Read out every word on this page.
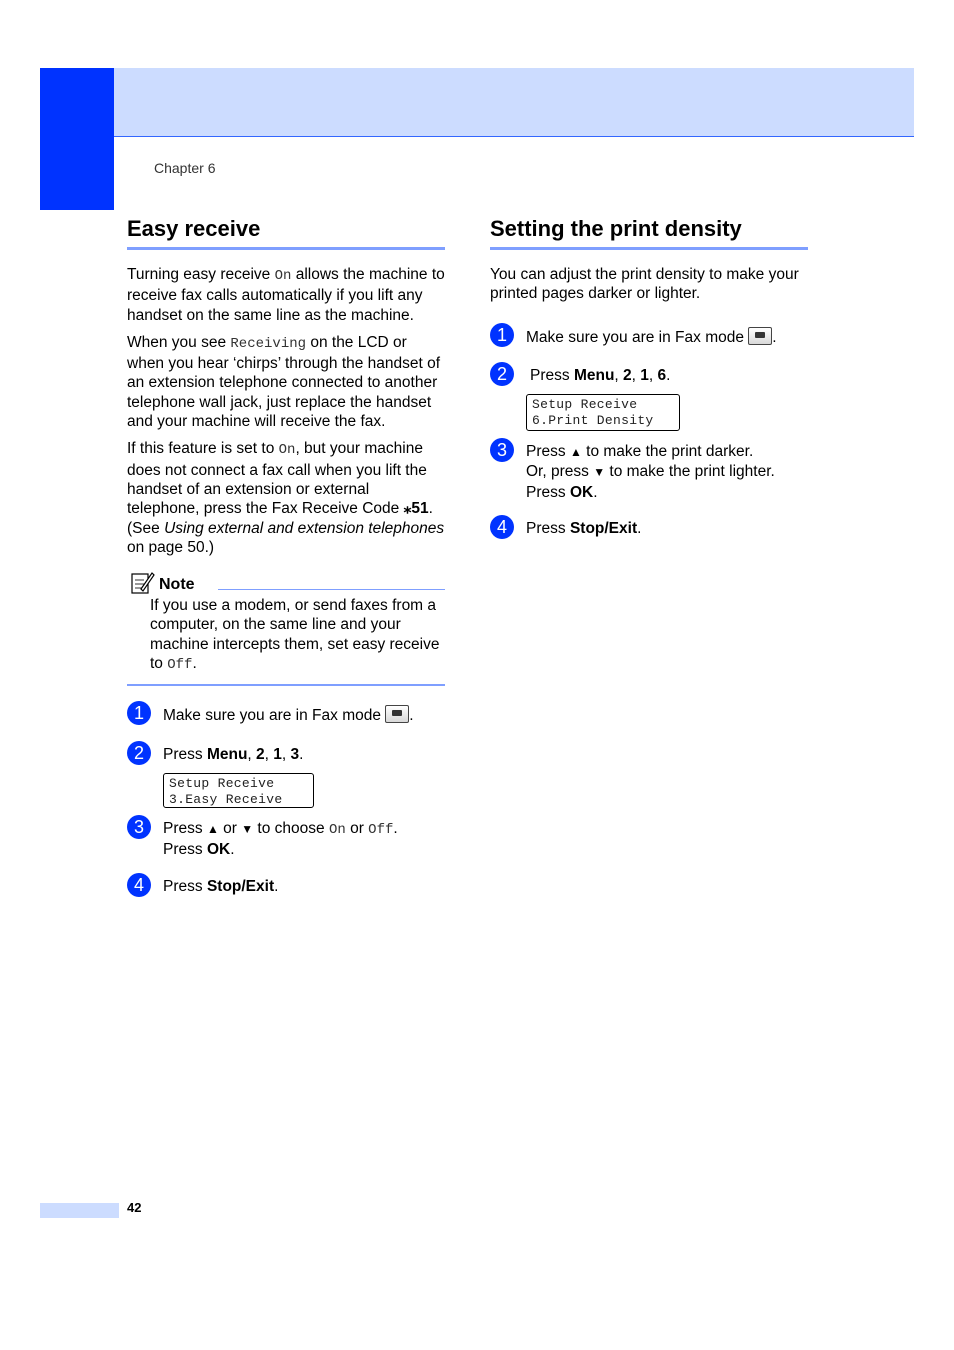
Chapter 6
Easy receive

Turning easy receive On allows the machine to receive fax calls automatically if you lift any handset on the same line as the machine.

When you see Receiving on the LCD or when you hear ‘chirps’ through the handset of an extension telephone connected to another telephone wall jack, just replace the handset and your machine will receive the fax.

If this feature is set to On, but your machine does not connect a fax call when you lift the handset of an extension or external telephone, press the Fax Receive Code ⁎51. (See Using external and extension telephones on page 50.)

Note

If you use a modem, or send faxes from a computer, on the same line and your machine intercepts them, set easy receive to Off.

1	Make sure you are in Fax mode .
2	Press Menu, 2, 1, 3.
Setup Receive
3.Easy Receive
3	Press ▲ or ▼ to choose On or Off.
Press OK.
4	Press Stop/Exit.
Setting the print density

You can adjust the print density to make your printed pages darker or lighter.

1	Make sure you are in Fax mode .
2	Press Menu, 2, 1, 6.
Setup Receive
6.Print Density
3	Press ▲ to make the print darker.
Or, press ▼ to make the print lighter.
Press OK.
4	Press Stop/Exit.
42
